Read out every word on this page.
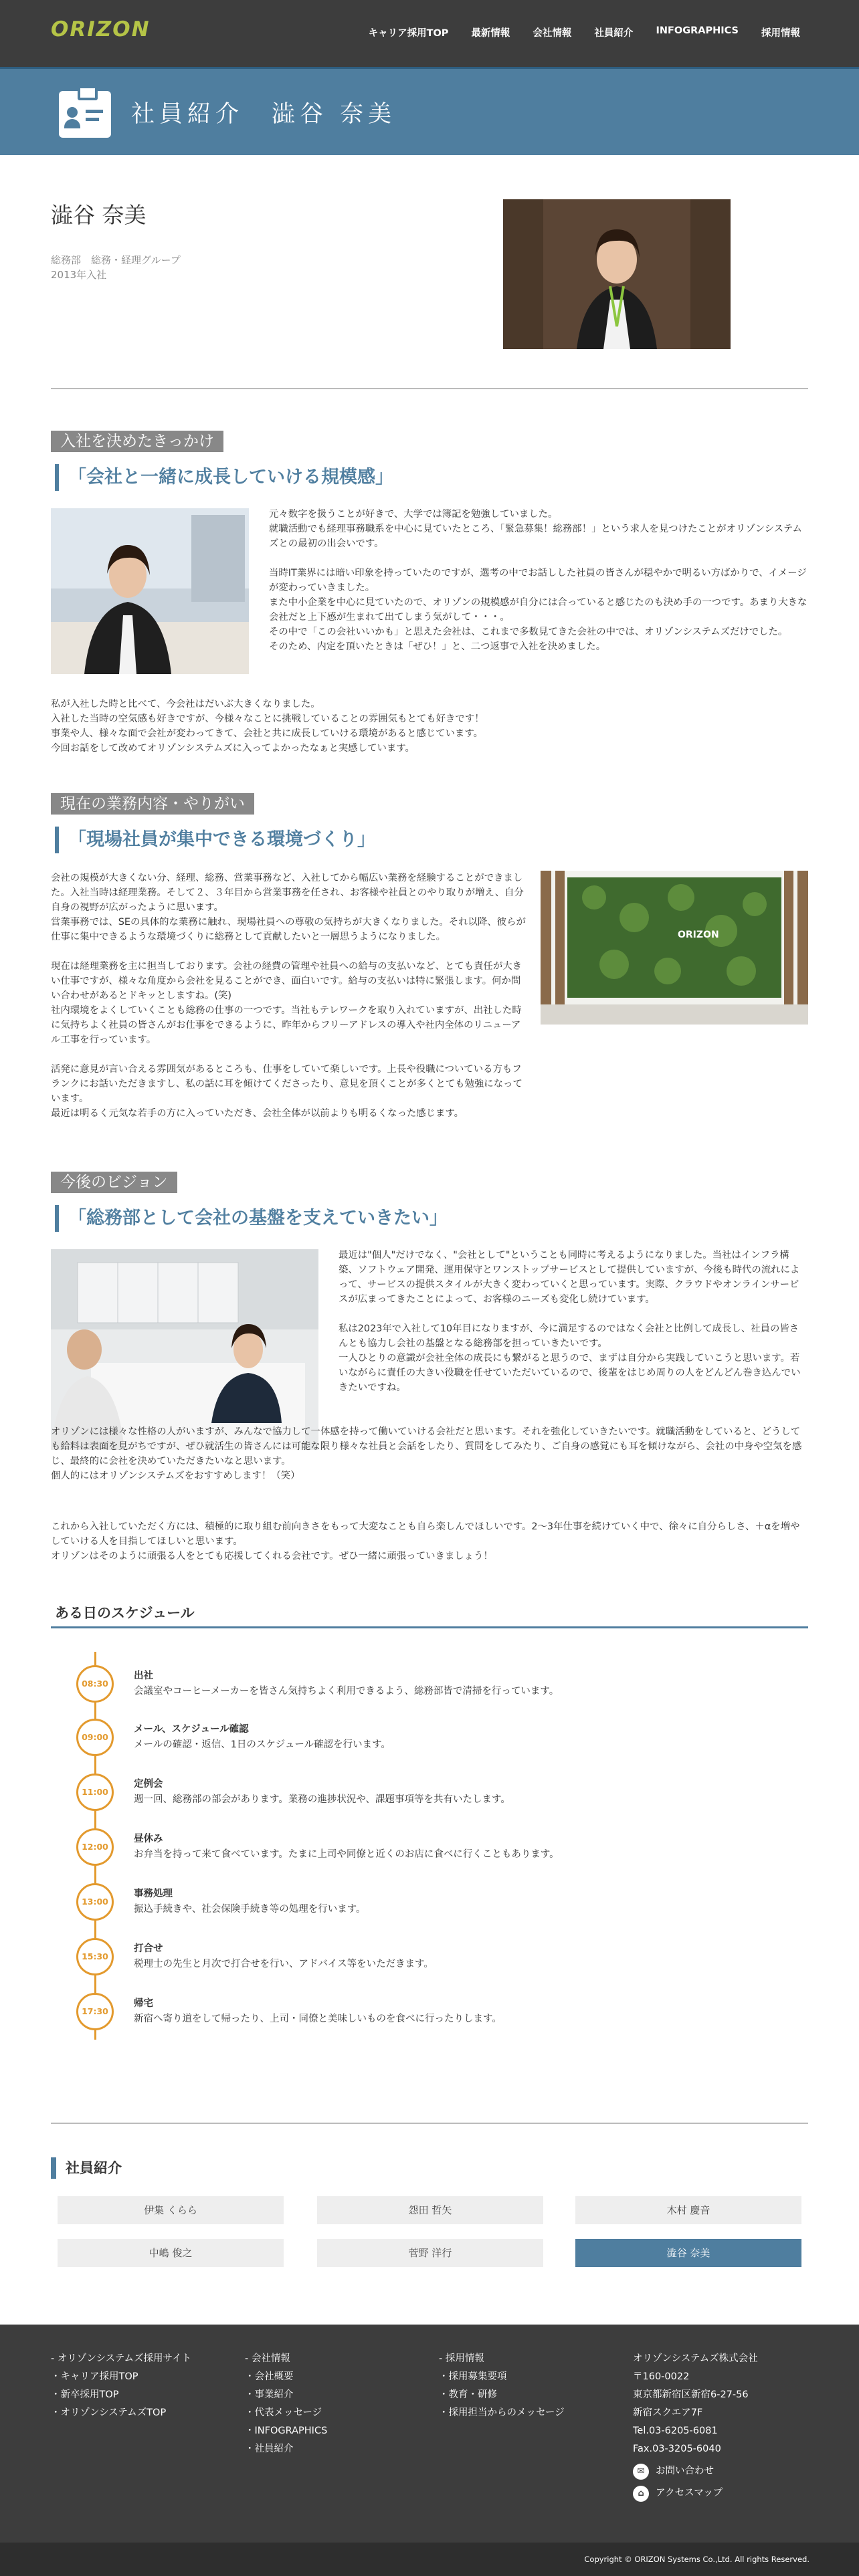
ORIZON	キャリア採用TOP 最新情報 会社情報 社員紹介 INFOGRAPHICS 採用情報
社員紹介　澁谷 奈美
澁谷 奈美
総務部　総務・経理グループ
2013年入社
入社を決めたきっかけ
「会社と一緒に成長していける規模感」

元々数字を扱うことが好きで、大学では簿記を勉強していました。
就職活動でも経理事務職系を中心に見ていたところ、「緊急募集！総務部！」という求人を見つけたことがオリゾンシステムズとの最初の出会いです。

当時IT業界には暗い印象を持っていたのですが、選考の中でお話しした社員の皆さんが穏やかで明るい方ばかりで、イメージが変わっていきました。
また中小企業を中心に見ていたので、オリゾンの規模感が自分には合っていると感じたのも決め手の一つです。あまり大きな会社だと上下感が生まれて出てしまう気がして・・・。
その中で「この会社いいかも」と思えた会社は、これまで多数見てきた会社の中では、オリゾンシステムズだけでした。
そのため、内定を頂いたときは「ぜひ！」と、二つ返事で入社を決めました。

私が入社した時と比べて、今会社はだいぶ大きくなりました。
入社した当時の空気感も好きですが、今様々なことに挑戦していることの雰囲気もとても好きです！
事業や人、様々な面で会社が変わってきて、会社と共に成長していける環境があると感じています。
今回お話をして改めてオリゾンシステムズに入ってよかったなぁと実感しています。
現在の業務内容・やりがい
「現場社員が集中できる環境づくり」

会社の規模が大きくない分、経理、総務、営業事務など、入社してから幅広い業務を経験することができました。入社当時は経理業務。そして２、３年目から営業事務を任され、お客様や社員とのやり取りが増え、自分自身の視野が広がったように思います。
営業事務では、SEの具体的な業務に触れ、現場社員への尊敬の気持ちが大きくなりました。それ以降、彼らが仕事に集中できるような環境づくりに総務として貢献したいと一層思うようになりました。

現在は経理業務を主に担当しております。会社の経費の管理や社員への給与の支払いなど、とても責任が大きい仕事ですが、様々な角度から会社を見ることができ、面白いです。給与の支払いは特に緊張します。何か問い合わせがあるとドキッとしますね。(笑)
社内環境をよくしていくことも総務の仕事の一つです。当社もテレワークを取り入れていますが、出社した時に気持ちよく社員の皆さんがお仕事をできるように、昨年からフリーアドレスの導入や社内全体のリニューアル工事を行っています。

活発に意見が言い合える雰囲気があるところも、仕事をしていて楽しいです。上長や役職についている方もフランクにお話いただきますし、私の話に耳を傾けてくださったり、意見を頂くことが多くとても勉強になっています。
最近は明るく元気な若手の方に入っていただき、会社全体が以前よりも明るくなった感じます。

ORIZON
今後のビジョン
「総務部として会社の基盤を支えていきたい」

最近は"個人"だけでなく、"会社として"ということも同時に考えるようになりました。当社はインフラ構築、ソフトウェア開発、運用保守とワンストップサービスとして提供していますが、今後も時代の流れによって、サービスの提供スタイルが大きく変わっていくと思っています。実際、クラウドやオンラインサービスが広まってきたことによって、お客様のニーズも変化し続けています。

私は2023年で入社して10年目になりますが、今に満足するのではなく会社と比例して成長し、社員の皆さんとも協力し会社の基盤となる総務部を担っていきたいです。
一人ひとりの意識が会社全体の成長にも繋がると思うので、まずは自分から実践していこうと思います。若いながらに責任の大きい役職を任せていただいているので、後輩をはじめ周りの人をどんどん巻き込んでいきたいですね。

オリゾンには様々な性格の人がいますが、みんなで協力して一体感を持って働いていける会社だと思います。それを強化していきたいです。就職活動をしていると、どうしても給料は表面を見がちですが、ぜひ就活生の皆さんには可能な限り様々な社員と会話をしたり、質問をしてみたり、ご自身の感覚にも耳を傾けながら、会社の中身や空気を感じ、最終的に会社を決めていただきたいなと思います。
個人的にはオリゾンシステムズをおすすめします！（笑）
これから入社していただく方には、積極的に取り組む前向きさをもって大変なことも自ら楽しんでほしいです。2〜3年仕事を続けていく中で、徐々に自分らしさ、＋αを増やしていける人を目指してほしいと思います。
オリゾンはそのように頑張る人をとても応援してくれる会社です。ぜひ一緒に頑張っていきましょう！
ある日のスケジュール
08:30
出社
会議室やコーヒーメーカーを皆さん気持ちよく利用できるよう、総務部皆で清掃を行っています。
09:00
メール、スケジュール確認
メールの確認・返信、1日のスケジュール確認を行います。
11:00
定例会
週一回、総務部の部会があります。業務の進捗状況や、課題事項等を共有いたします。
12:00
昼休み
お弁当を持って来て食べています。たまに上司や同僚と近くのお店に食べに行くこともあります。
13:00
事務処理
振込手続きや、社会保険手続き等の処理を行います。
15:30
打合せ
税理士の先生と月次で打合せを行い、アドバイス等をいただきます。
17:30
帰宅
新宿へ寄り道をして帰ったり、上司・同僚と美味しいものを食べに行ったりします。
社員紹介
伊集 くらら	怨田 哲矢	木村 慶音
中嶋 俊之	菅野 洋行	澁谷 奈美
- オリゾンシステムズ採用サイト
・キャリア採用TOP
・新卒採用TOP
・オリゾンシステムズTOP
- 会社情報
・会社概要
・事業紹介
・代表メッセージ
・INFOGRAPHICS
・社員紹介
- 採用情報
・採用募集要項
・教育・研修
・採用担当からのメッセージ
オリゾンシステムズ株式会社
〒160-0022
東京都新宿区新宿6-27-56
新宿スクエア7F
Tel.03-6205-6081
Fax.03-3205-6040
✉	お問い合わせ
⌂	アクセスマップ
Copyright © ORIZON Systems Co.,Ltd. All rights Reserved.
